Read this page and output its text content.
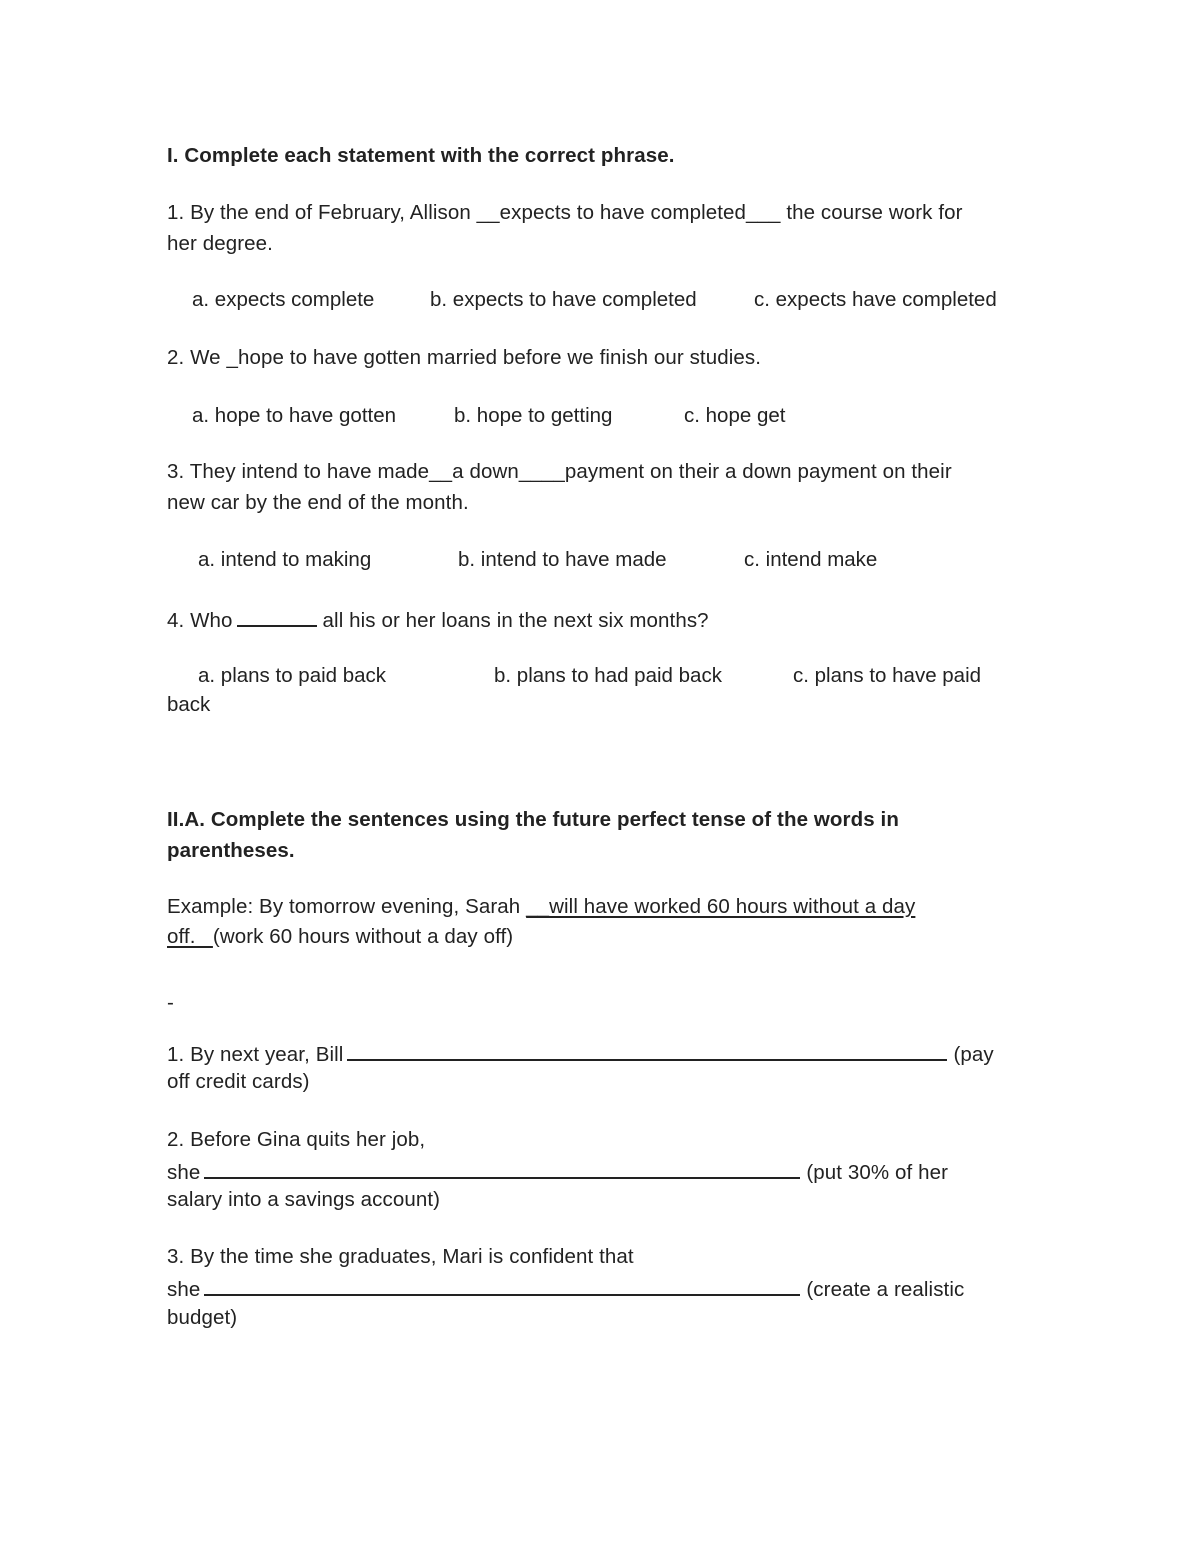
I. Complete each statement with the correct phrase.
1. By the end of February, Allison __expects to have completed___ the course work for
her degree.
a. expects complete	b. expects to have completed	c. expects have completed
2. We _hope to have gotten married before we finish our studies.
a. hope to have gotten	b. hope to getting	c. hope get
3. They intend to have made__a down____payment on their a down payment on their
new car by the end of the month.
a. intend to making	b. intend to have made	c. intend make
4. Who	all his or her loans in the next six months?
a. plans to paid back	b. plans to had paid back	c. plans to have paid
back
II.A. Complete the sentences using the future perfect tense of the words in
parentheses.
Example: By tomorrow evening, Sarah __will have worked 60 hours without a day
off.   (work 60 hours without a day off)
-
1. By next year, Bill	(pay
off credit cards)
2. Before Gina quits her job,
she	(put 30% of her
salary into a savings account)
3. By the time she graduates, Mari is confident that
she	(create a realistic
budget)
